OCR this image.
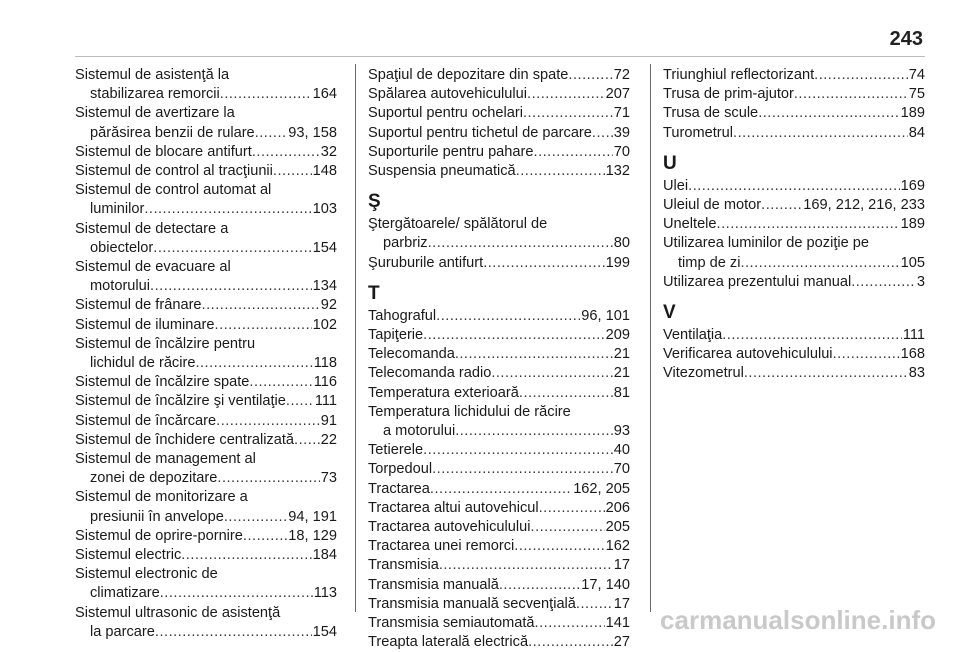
243
Sistemul de asistenţă la
stabilizarea remorcii .....	164
Sistemul de avertizare la
părăsirea benzii de rulare ..... 93, 158
Sistemul de blocare antifurt .....	32
Sistemul de control al tracţiunii .....	148
Sistemul de control automat al
luminilor .....	103
Sistemul de detectare a
obiectelor .....	154
Sistemul de evacuare al
motorului .....	134
Sistemul de frânare .....	92
Sistemul de iluminare .....	102
Sistemul de încălzire pentru
lichidul de răcire .....	118
Sistemul de încălzire spate .....	116
Sistemul de încălzire şi ventilaţie ..... 111
Sistemul de încărcare .....	91
Sistemul de închidere centralizată ..... 22
Sistemul de management al
zonei de depozitare .....	73
Sistemul de monitorizare a
presiunii în anvelope .....	94, 191
Sistemul de oprire-pornire .....	18, 129
Sistemul electric .....	184
Sistemul electronic de
climatizare .....	113
Sistemul ultrasonic de asistenţă
la parcare .....	154
Spaţiul de depozitare din spate .....	72
Spălarea autovehiculului .....	207
Suportul pentru ochelari .....	71
Suportul pentru tichetul de parcare ..... 39
Suporturile pentru pahare .....	70
Suspensia pneumatică .....	132
Ş
Ştergătoarele/ spălătorul de
parbriz .....	80
Şuruburile antifurt .....	199
T
Tahograful .....	96, 101
Tapiţerie .....	209
Telecomanda .....	21
Telecomanda radio .....	21
Temperatura exterioară .....	81
Temperatura lichidului de răcire
a motorului .....	93
Tetierele .....	40
Torpedoul .....	70
Tractarea .....	162, 205
Tractarea altui autovehicul .....	206
Tractarea autovehiculului .....	205
Tractarea unei remorci .....	162
Transmisia .....	17
Transmisia manuală .....	17, 140
Transmisia manuală secvenţială .....	17
Transmisia semiautomată .....	141
Treapta laterală electrică .....	27
Triunghiul reflectorizant .....	74
Trusa de prim-ajutor .....	75
Trusa de scule .....	189
Turometrul .....	84
U
Ulei .....	169
Uleiul de motor .....	169, 212, 216, 233
Uneltele .....	189
Utilizarea luminilor de poziţie pe
timp de zi .....	105
Utilizarea prezentului manual .....	3
V
Ventilaţia .....	111
Verificarea autovehiculului .....	168
Vitezometrul .....	83
carmanualsonline.info
